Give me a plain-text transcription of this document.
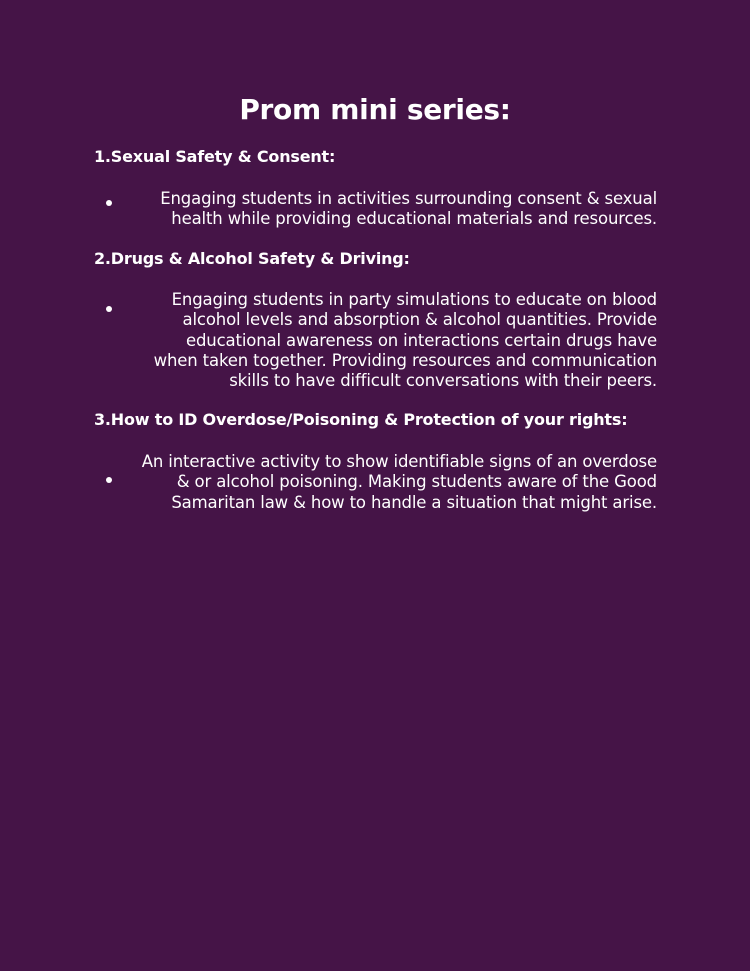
Prom mini series:
1.Sexual Safety & Consent:

Engaging students in activities surrounding consent & sexual
health while providing educational materials and resources.

2.Drugs & Alcohol Safety & Driving:

Engaging students in party simulations to educate on blood
alcohol levels and absorption & alcohol quantities. Provide
educational awareness on interactions certain drugs have
when taken together. Providing resources and communication
skills to have difficult conversations with their peers.

3.How to ID Overdose/Poisoning & Protection of your rights:

An interactive activity to show identifiable signs of an overdose
& or alcohol poisoning. Making students aware of the Good
Samaritan law & how to handle a situation that might arise.
